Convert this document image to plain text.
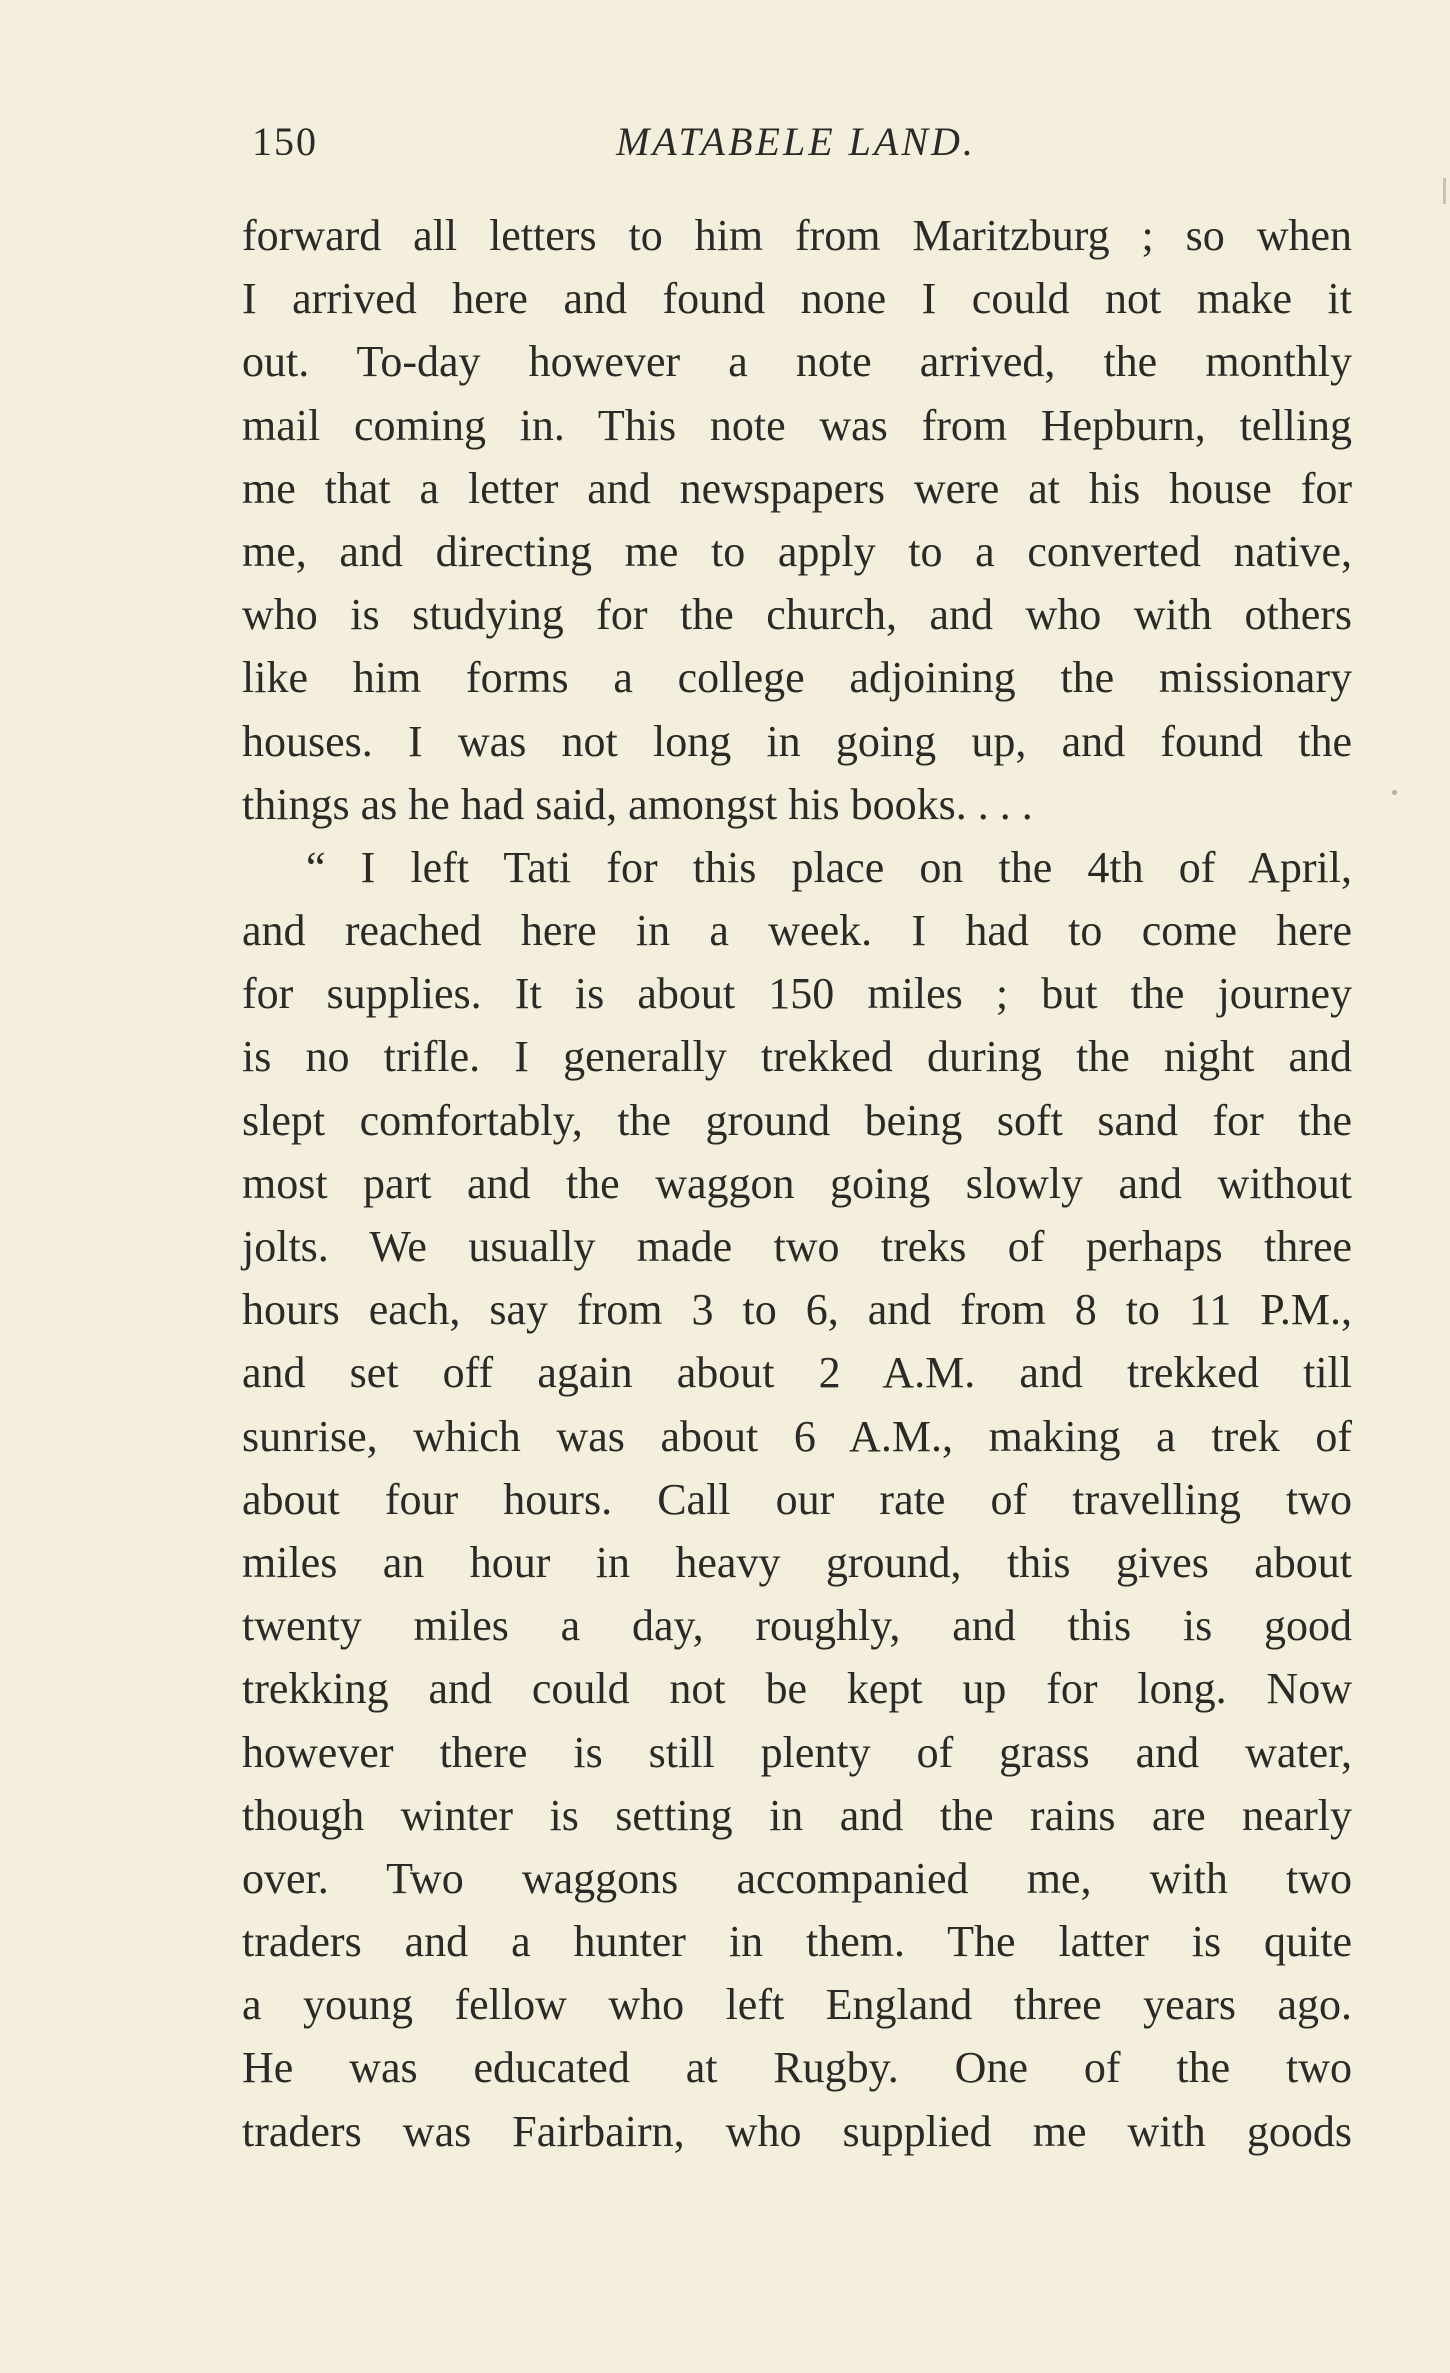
MATABELE LAND.
150
forward all letters to him from Maritzburg ; so when
I arrived here and found none I could not make it
out. To-day however a note arrived, the monthly
mail coming in. This note was from Hepburn, telling
me that a letter and newspapers were at his house for
me, and directing me to apply to a converted native,
who is studying for the church, and who with others
like him forms a college adjoining the missionary
houses. I was not long in going up, and found the
things as he had said, amongst his books. . . .
“ I left Tati for this place on the 4th of April,
and reached here in a week. I had to come here
for supplies. It is about 150 miles ; but the journey
is no trifle. I generally trekked during the night and
slept comfortably, the ground being soft sand for the
most part and the waggon going slowly and without
jolts. We usually made two treks of perhaps three
hours each, say from 3 to 6, and from 8 to 11 P.M.,
and set off again about 2 A.M. and trekked till
sunrise, which was about 6 A.M., making a trek of
about four hours. Call our rate of travelling two
miles an hour in heavy ground, this gives about
twenty miles a day, roughly, and this is good
trekking and could not be kept up for long. Now
however there is still plenty of grass and water,
though winter is setting in and the rains are nearly
over. Two waggons accompanied me, with two
traders and a hunter in them. The latter is quite
a young fellow who left England three years ago.
He was educated at Rugby. One of the two
traders was Fairbairn, who supplied me with goods
